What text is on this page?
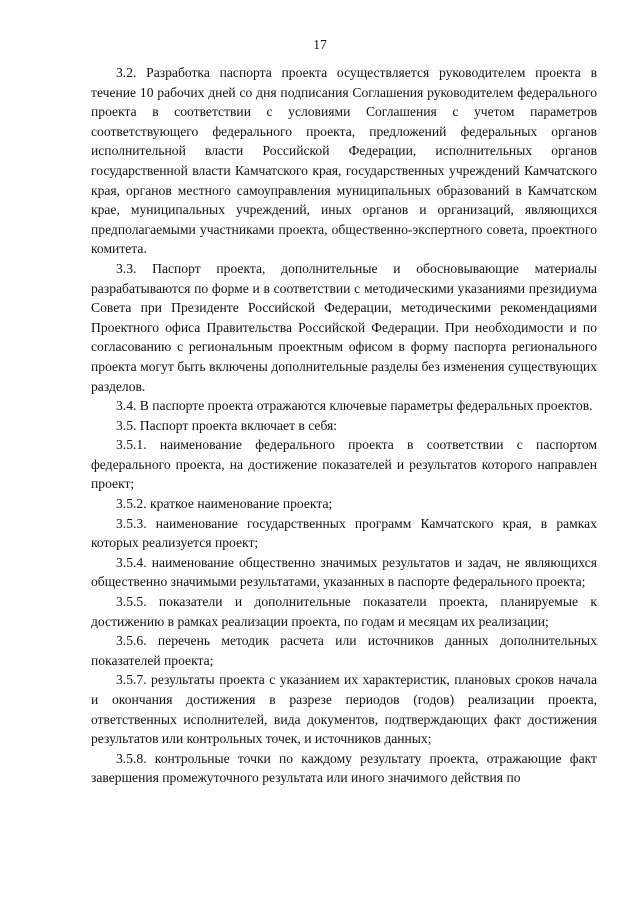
17

3.2. Разработка паспорта проекта осуществляется руководителем проекта в течение 10 рабочих дней со дня подписания Соглашения руководителем федерального проекта в соответствии с условиями Соглашения с учетом параметров соответствующего федерального проекта, предложений федеральных органов исполнительной власти Российской Федерации, исполнительных органов государственной власти Камчатского края, государственных учреждений Камчатского края, органов местного самоуправления муниципальных образований в Камчатском крае, муниципальных учреждений, иных органов и организаций, являющихся предполагаемыми участниками проекта, общественно-экспертного совета, проектного комитета.

3.3. Паспорт проекта, дополнительные и обосновывающие материалы разрабатываются по форме и в соответствии с методическими указаниями президиума Совета при Президенте Российской Федерации, методическими рекомендациями Проектного офиса Правительства Российской Федерации. При необходимости и по согласованию с региональным проектным офисом в форму паспорта регионального проекта могут быть включены дополнительные разделы без изменения существующих разделов.

3.4. В паспорте проекта отражаются ключевые параметры федеральных проектов.

3.5. Паспорт проекта включает в себя:

3.5.1. наименование федерального проекта в соответствии с паспортом федерального проекта, на достижение показателей и результатов которого направлен проект;

3.5.2. краткое наименование проекта;

3.5.3. наименование государственных программ Камчатского края, в рамках которых реализуется проект;

3.5.4. наименование общественно значимых результатов и задач, не являющихся общественно значимыми результатами, указанных в паспорте федерального проекта;

3.5.5. показатели и дополнительные показатели проекта, планируемые к достижению в рамках реализации проекта, по годам и месяцам их реализации;

3.5.6. перечень методик расчета или источников данных дополнительных показателей проекта;

3.5.7. результаты проекта с указанием их характеристик, плановых сроков начала и окончания достижения в разрезе периодов (годов) реализации проекта, ответственных исполнителей, вида документов, подтверждающих факт достижения результатов или контрольных точек, и источников данных;

3.5.8. контрольные точки по каждому результату проекта, отражающие факт завершения промежуточного результата или иного значимого действия по
